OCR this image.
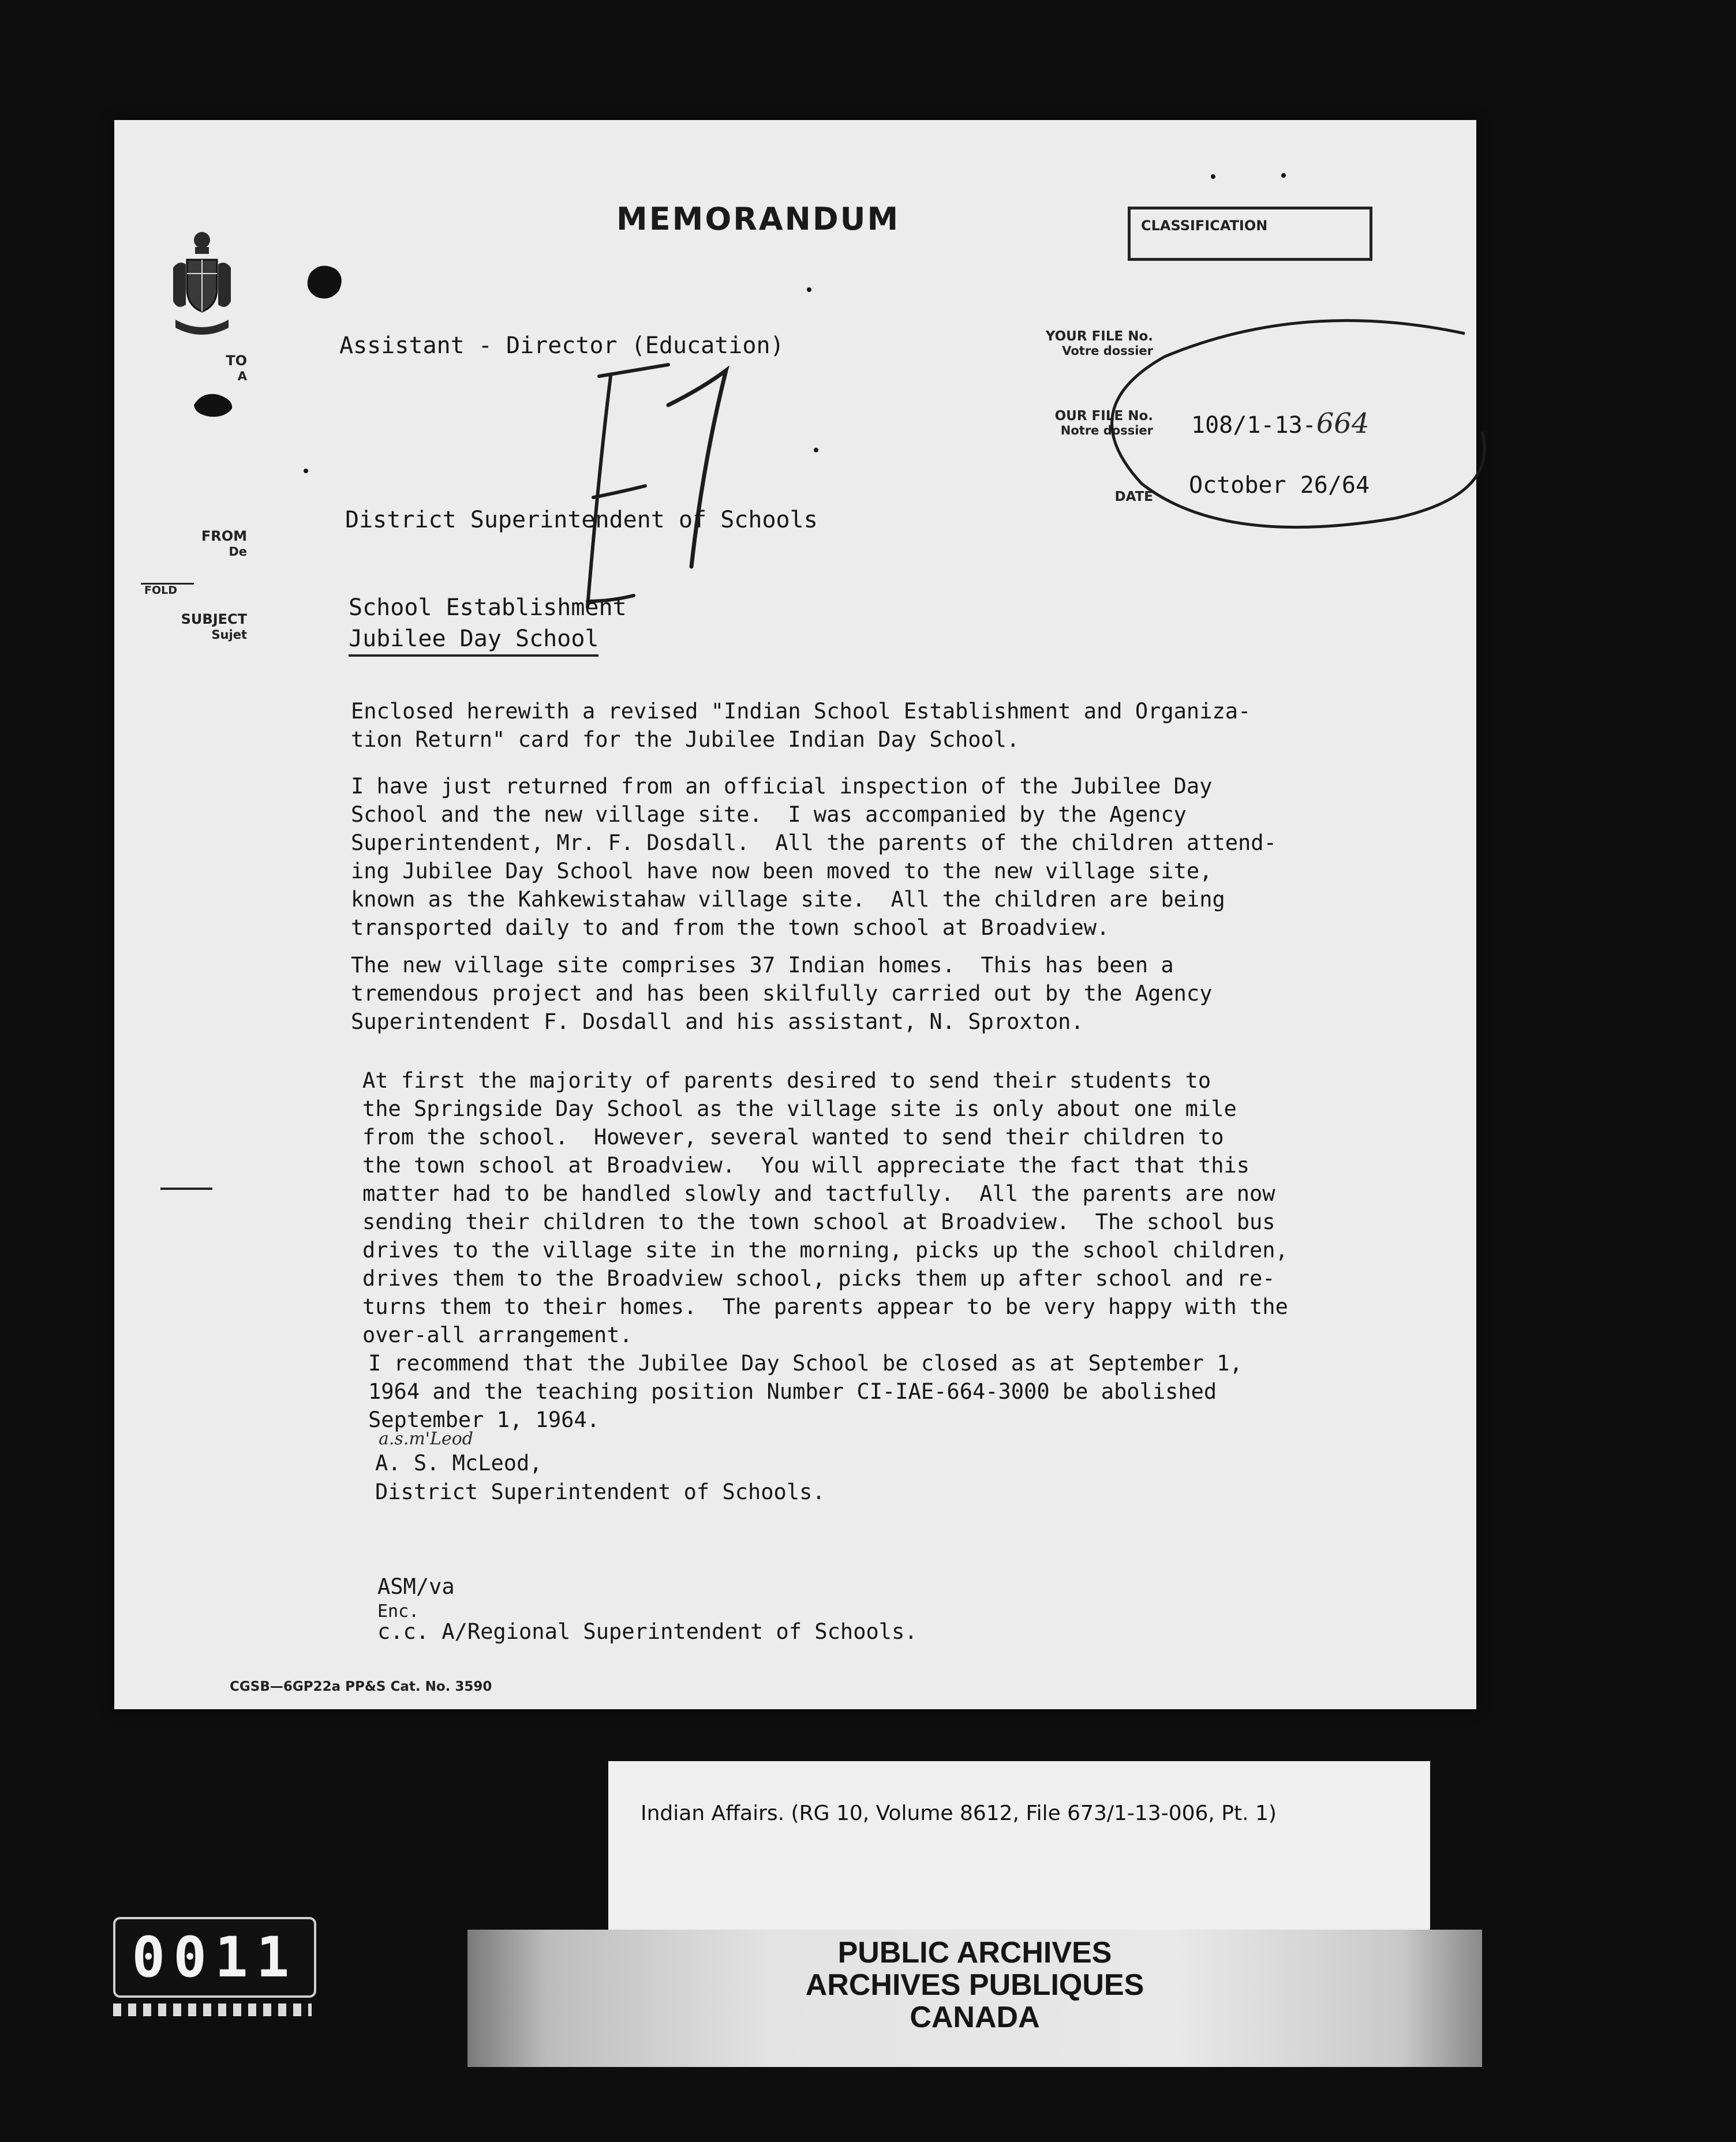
MEMORANDUM	CLASSIFICATION
TO
A
Assistant - Director (Education)
FROM
De
District Superintendent of Schools
FOLD
SUBJECT
Sujet
School Establishment
Jubilee Day School
YOUR FILE No.
Votre dossier
OUR FILE No.
Notre dossier 108/1-13-664
DATE October 26/64
Enclosed herewith a revised "Indian School Establishment and Organiza-
tion Return" card for the Jubilee Indian Day School.
I have just returned from an official inspection of the Jubilee Day
School and the new village site.  I was accompanied by the Agency
Superintendent, Mr. F. Dosdall.  All the parents of the children attend-
ing Jubilee Day School have now been moved to the new village site,
known as the Kahkewistahaw village site.  All the children are being
transported daily to and from the town school at Broadview.
The new village site comprises 37 Indian homes.  This has been a
tremendous project and has been skilfully carried out by the Agency
Superintendent F. Dosdall and his assistant, N. Sproxton.
At first the majority of parents desired to send their students to
the Springside Day School as the village site is only about one mile
from the school.  However, several wanted to send their children to
the town school at Broadview.  You will appreciate the fact that this
matter had to be handled slowly and tactfully.  All the parents are now
sending their children to the town school at Broadview.  The school bus
drives to the village site in the morning, picks up the school children,
drives them to the Broadview school, picks them up after school and re-
turns them to their homes.  The parents appear to be very happy with the
over-all arrangement.
I recommend that the Jubilee Day School be closed as at September 1,
1964 and the teaching position Number CI-IAE-664-3000 be abolished
September 1, 1964.
a.s.m'Leod
A. S. McLeod,
District Superintendent of Schools.
ASM/va
Enc.
c.c. A/Regional Superintendent of Schools.
CGSB—6GP22a PP&S Cat. No. 3590
Indian Affairs. (RG 10, Volume 8612, File 673/1-13-006, Pt. 1)
PUBLIC ARCHIVES
ARCHIVES PUBLIQUES
CANADA
0011
